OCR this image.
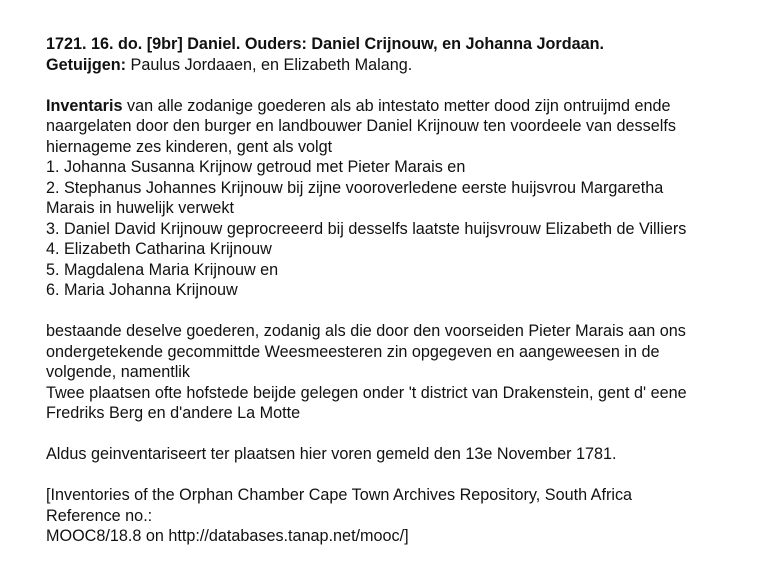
1721. 16. do. [9br] Daniel. Ouders: Daniel Crijnouw, en Johanna Jordaan.
Getuijgen: Paulus Jordaaen, en Elizabeth Malang.
Inventaris van alle zodanige goederen als ab intestato metter dood zijn ontruijmd ende
naargelaten door den burger en landbouwer Daniel Krijnouw ten voordeele van desselfs
hiernageme zes kinderen, gent als volgt
1. Johanna Susanna Krijnow getroud met Pieter Marais en
2. Stephanus Johannes Krijnouw bij zijne vooroverledene eerste huijsvrou Margaretha
Marais in huwelijk verwekt
3. Daniel David Krijnouw geprocreeerd bij desselfs laatste huijsvrouw Elizabeth de Villiers
4. Elizabeth Catharina Krijnouw
5. Magdalena Maria Krijnouw en
6. Maria Johanna Krijnouw
bestaande deselve goederen, zodanig als die door den voorseiden Pieter Marais aan ons
ondergetekende gecommittde Weesmeesteren zin opgegeven en aangeweesen in de
volgende, namentlik
Twee plaatsen ofte hofstede beijde gelegen onder 't district van Drakenstein, gent d' eene
Fredriks Berg en d'andere La Motte
Aldus geinventariseert ter plaatsen hier voren gemeld den 13e November 1781.
[Inventories of the Orphan Chamber Cape Town Archives Repository, South Africa
Reference no.:
MOOC8/18.8 on http://databases.tanap.net/mooc/]
